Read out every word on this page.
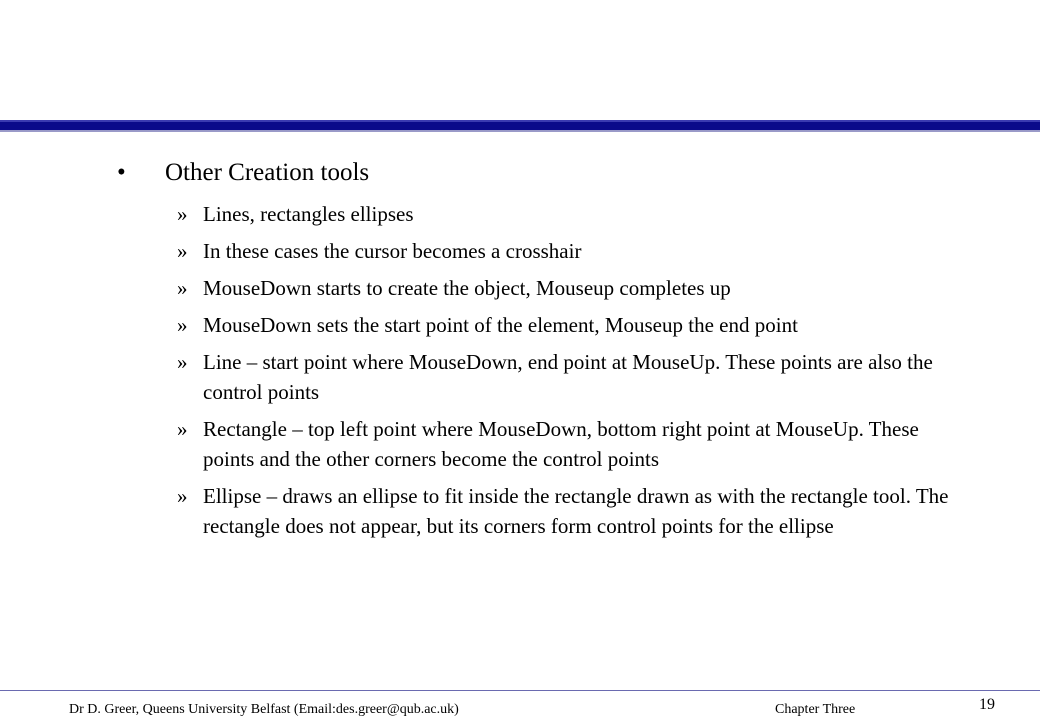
• Other Creation tools
» Lines, rectangles ellipses
» In these cases the cursor becomes a crosshair
» MouseDown starts to create the object, Mouseup completes up
» MouseDown sets the start point of the element, Mouseup the end point
» Line – start point where MouseDown, end point at MouseUp. These points are also the control points
» Rectangle – top left point where MouseDown, bottom right point at MouseUp. These points and the other corners become the control points
» Ellipse – draws an ellipse to fit inside the rectangle drawn as with the rectangle tool. The rectangle does not appear, but its corners form control points for the ellipse
Dr D. Greer, Queens University Belfast (Email:des.greer@qub.ac.uk)	Chapter Three	19
